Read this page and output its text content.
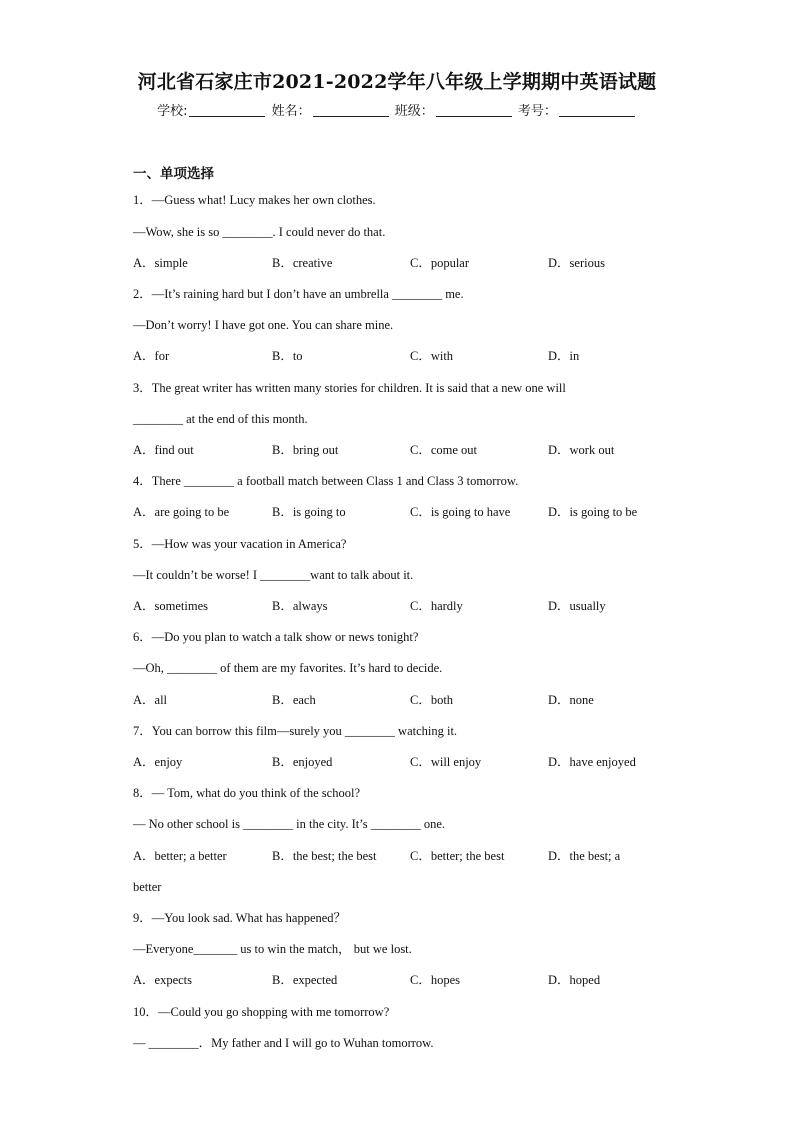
河北省石家庄市2021-2022学年八年级上学期期中英语试题
学校:	姓名：	班级：	考号：
一、单项选择
1．—Guess what! Lucy makes her own clothes.
—Wow, she is so ________. I could never do that.
A．simple	B．creative	C．popular	D．serious
2．—It’s raining hard but I don’t have an umbrella ________ me.
—Don’t worry! I have got one. You can share mine.
A．for	B．to	C．with	D．in
3．The great writer has written many stories for children. It is said that a new one will
________ at the end of this month.
A．find out	B．bring out	C．come out	D．work out
4．There ________ a football match between Class 1 and Class 3 tomorrow.
A．are going to be	B．is going to	C．is going to have	D．is going to be
5．—How was your vacation in America?
—It couldn’t be worse! I ________want to talk about it.
A．sometimes	B．always	C．hardly	D．usually
6．—Do you plan to watch a talk show or news tonight?
—Oh, ________ of them are my favorites. It’s hard to decide.
A．all	B．each	C．both	D．none
7．You can borrow this film—surely you ________ watching it.
A．enjoy	B．enjoyed	C．will enjoy	D．have enjoyed
8．— Tom, what do you think of the school?
— No other school is ________ in the city. It’s ________ one.
A．better; a better	B．the best; the best	C．better; the best	D．the best; a
better
9．—You look sad. What has happened？
—Everyone_______ us to win the match， but we lost.
A．expects	B．expected	C．hopes	D．hoped
10．—Could you go shopping with me tomorrow?
— ________．My father and I will go to Wuhan tomorrow.
